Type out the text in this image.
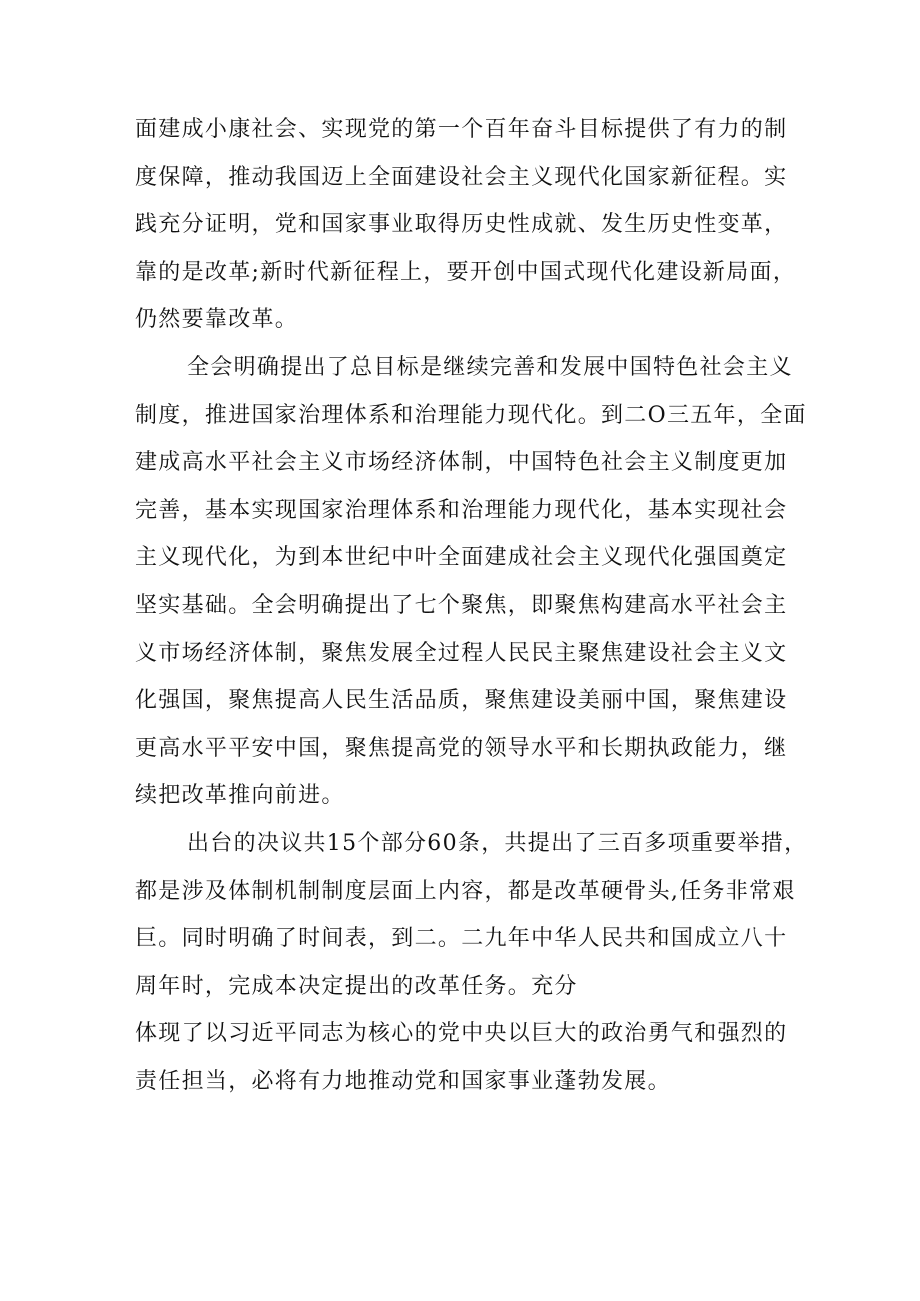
面建成小康社会、实现党的第一个百年奋斗目标提供了有力的制
度保障，推动我国迈上全面建设社会主义现代化国家新征程。实
践充分证明，党和国家事业取得历史性成就、发生历史性变革，
靠的是改革;新时代新征程上，要开创中国式现代化建设新局面，
仍然要靠改革。
全会明确提出了总目标是继续完善和发展中国特色社会主义
制度，推进国家治理体系和治理能力现代化。到二O三五年，全面
建成高水平社会主义市场经济体制，中国特色社会主义制度更加
完善，基本实现国家治理体系和治理能力现代化，基本实现社会
主义现代化，为到本世纪中叶全面建成社会主义现代化强国奠定
坚实基础。全会明确提出了七个聚焦，即聚焦构建高水平社会主
义市场经济体制，聚焦发展全过程人民民主聚焦建设社会主义文
化强国，聚焦提高人民生活品质，聚焦建设美丽中国，聚焦建设
更高水平平安中国，聚焦提高党的领导水平和长期执政能力，继
续把改革推向前进。
出台的决议共15个部分60条，共提出了三百多项重要举措，
都是涉及体制机制制度层面上内容，都是改革硬骨头,任务非常艰
巨。同时明确了时间表，到二。二九年中华人民共和国成立八十
周年时，完成本决定提出的改革任务。充分
体现了以习近平同志为核心的党中央以巨大的政治勇气和强烈的
责任担当，必将有力地推动党和国家事业蓬勃发展。
